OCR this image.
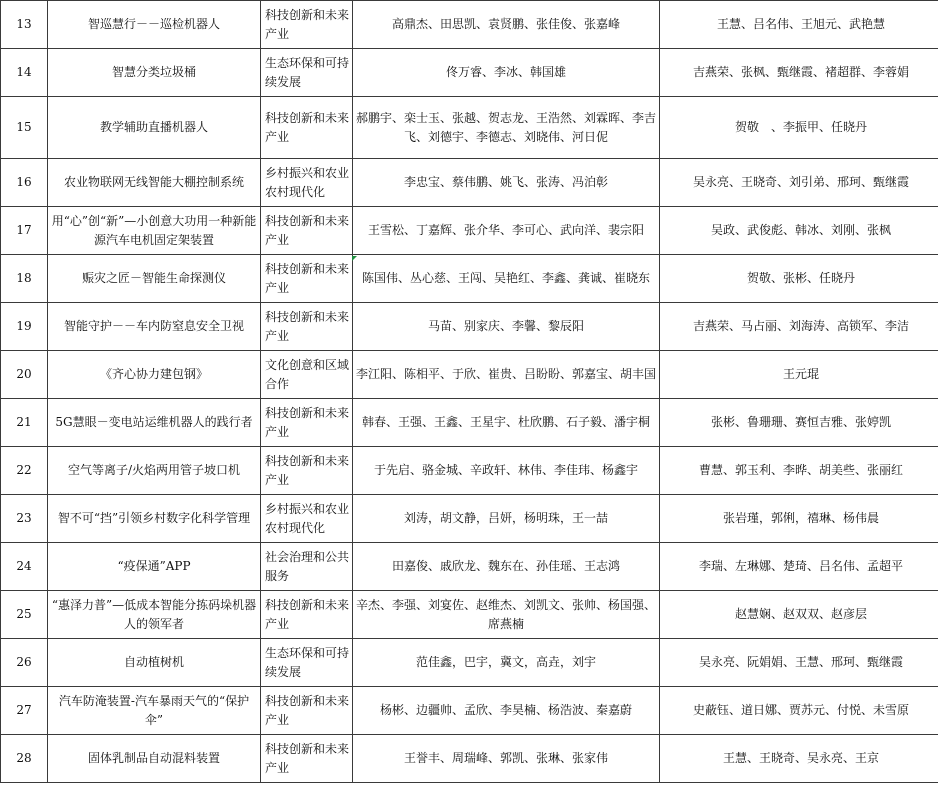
13	智巡慧行－－巡检机器人	科技创新和未来产业	高鼎杰、田思凯、袁贤鹏、张佳俊、张嘉峰	王慧、吕名伟、王旭元、武艳慧
14	智慧分类垃圾桶	生态环保和可持续发展	佟万睿、李冰、韩国雄	吉燕荣、张枫、甄继霞、褚超群、李蓉娟
15	教学辅助直播机器人	科技创新和未来产业	郝鹏宇、栾士玉、张越、贺志龙、王浩然、刘霖晖、李吉飞、刘德宇、李德志、刘晓伟、河日伲	贺敬　、李振甲、任晓丹
16	农业物联网无线智能大棚控制系统	乡村振兴和农业农村现代化	李忠宝、蔡伟鹏、姚飞、张涛、冯泊彰	吴永亮、王晓奇、刘引弟、邢珂、甄继霞
17	用“心”创“新”—小创意大功用一种新能源汽车电机固定架装置	科技创新和未来产业	王雪松、丁嘉辉、张介华、李可心、武向洋、裴宗阳	吴政、武俊彪、韩冰、刘刚、张枫
18	赈灾之匠－智能生命探测仪	科技创新和未来产业	陈国伟、丛心慈、王闯、吴艳红、李鑫、龚诚、崔晓东	贺敬、张彬、任晓丹
19	智能守护－－车内防窒息安全卫视	科技创新和未来产业	马苗、别家庆、李馨、黎辰阳	吉燕荣、马占丽、刘海涛、高锁军、李洁
20	《齐心协力建包钢》	文化创意和区域合作	李江阳、陈相平、于欣、崔贵、吕盼盼、郭嘉宝、胡丰国	王元琨
21	5G慧眼－变电站运维机器人的践行者	科技创新和未来产业	韩春、王强、王鑫、王星宇、杜欣鹏、石子毅、潘宇桐	张彬、鲁珊珊、赛恒吉雅、张婷凯
22	空气等离子/火焰两用管子坡口机	科技创新和未来产业	于先启、骆金城、辛政轩、林伟、李佳玮、杨鑫宇	曹慧、郭玉利、李晔、胡美些、张丽红
23	智不可“挡”引领乡村数字化科学管理	乡村振兴和农业农村现代化	刘涛，胡文静，吕妍，杨明珠，王一喆	张岩瑾，郭俐，禧琳、杨伟晨
24	“疫保通”APP	社会治理和公共服务	田嘉俊、戚欣龙、魏东在、孙佳瑶、王志鸿	李瑞、左琳娜、楚琦、吕名伟、孟超平
25	“惠泽力普”—低成本智能分拣码垛机器人的领军者	科技创新和未来产业	辛杰、李强、刘宴佐、赵维杰、刘凯文、张帅、杨国强、席燕楠	赵慧娴、赵双双、赵彦层
26	自动植树机	生态环保和可持续发展	范佳鑫，巴宇，冀文，高垚，刘宇	吴永亮、阮娟娟、王慧、邢珂、甄继霞
27	汽车防淹装置-汽车暴雨天气的“保护伞”	科技创新和未来产业	杨彬、边疆帅、孟欣、李昊楠、杨浩波、秦嘉蔚	史蔽钰、道日娜、贾苏元、付悦、未雪原
28	固体乳制品自动混料装置	科技创新和未来产业	王誉丰、周瑞峰、郭凯、张琳、张家伟	王慧、王晓奇、吴永亮、王京
